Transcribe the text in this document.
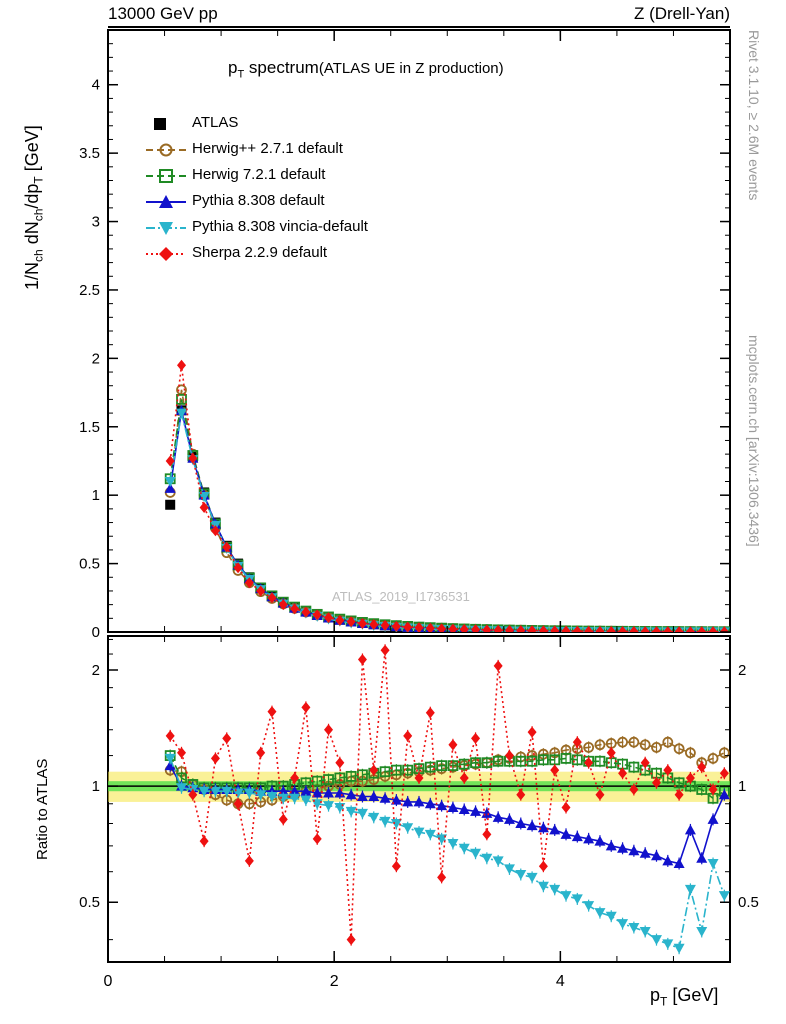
13000 GeV pp	Z (Drell-Yan)
Rivet 3.1.10, ≥ 2.6M events
mcplots.cern.ch [arXiv:1306.3436]
$1/N_{ch}$ $dN_{ch}/dp_T$ [GeV]
Ratio to ATLAS
$p_T$ [GeV]
$p_T$ spectrum(ATLAS UE in Z production)
ATLAS_2019_I1736531
0
0.5
1
1.5
2
2.5
3
3.5
4
0.5	0.5
1	1
2	2
0	2	4
ATLAS
Herwig++ 2.7.1 default
Herwig 7.2.1 default
Pythia 8.308 default
Pythia 8.308 vincia-default
Sherpa 2.2.9 default
